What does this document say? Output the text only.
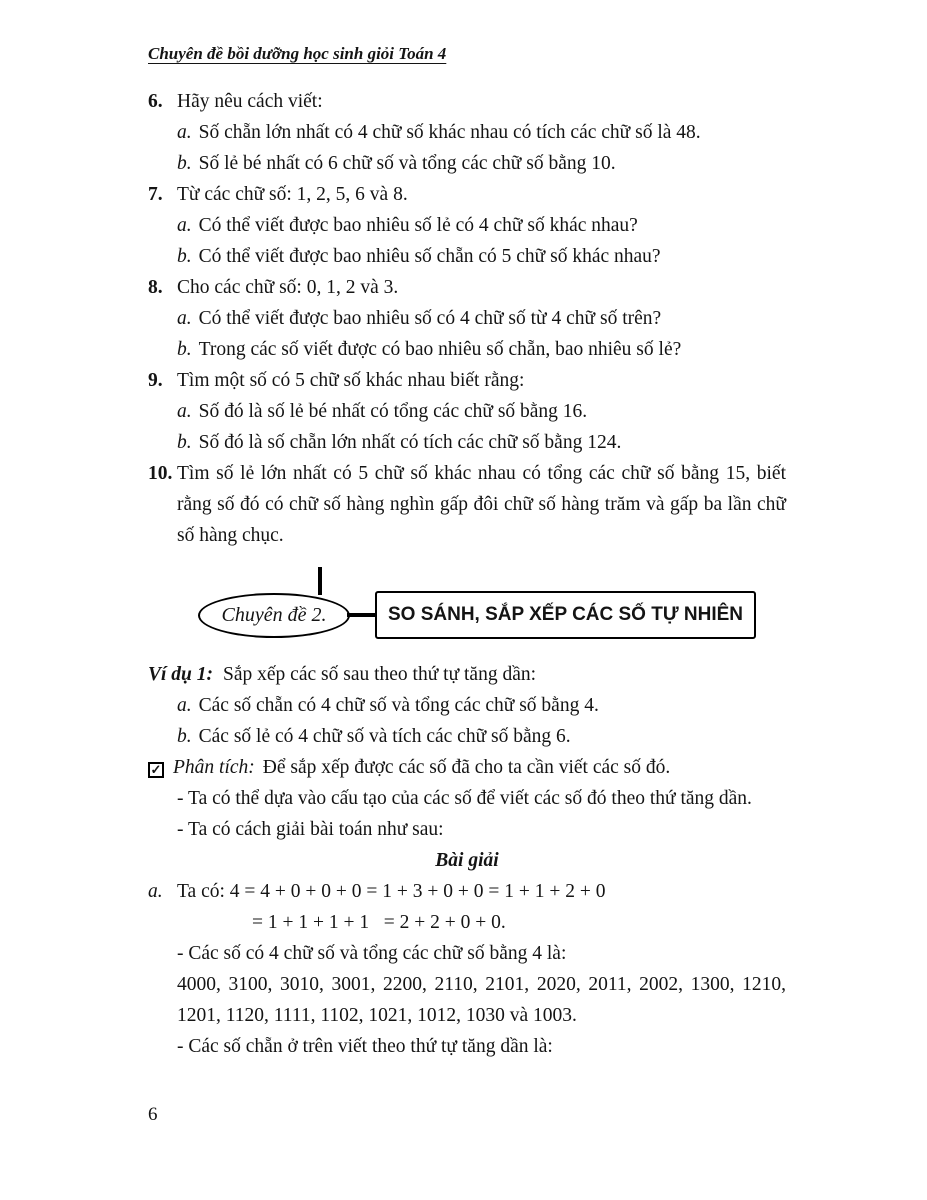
Chuyên đề bồi dưỡng học sinh giỏi Toán 4
6. Hãy nêu cách viết:
a. Số chẵn lớn nhất có 4 chữ số khác nhau có tích các chữ số là 48.
b. Số lẻ bé nhất có 6 chữ số và tổng các chữ số bằng 10.
7. Từ các chữ số: 1, 2, 5, 6 và 8.
a. Có thể viết được bao nhiêu số lẻ có 4 chữ số khác nhau?
b. Có thể viết được bao nhiêu số chẵn có 5 chữ số khác nhau?
8. Cho các chữ số: 0, 1, 2 và 3.
a. Có thể viết được bao nhiêu số có 4 chữ số từ 4 chữ số trên?
b. Trong các số viết được có bao nhiêu số chẵn, bao nhiêu số lẻ?
9. Tìm một số có 5 chữ số khác nhau biết rằng:
a. Số đó là số lẻ bé nhất có tổng các chữ số bằng 16.
b. Số đó là số chẵn lớn nhất có tích các chữ số bằng 124.
10. Tìm số lẻ lớn nhất có 5 chữ số khác nhau có tổng các chữ số bằng 15, biết rằng số đó có chữ số hàng nghìn gấp đôi chữ số hàng trăm và gấp ba lần chữ số hàng chục.
Chuyên đề 2.	SO SÁNH, SẮP XẾP CÁC SỐ TỰ NHIÊN
Ví dụ 1: Sắp xếp các số sau theo thứ tự tăng dần:
a. Các số chẵn có 4 chữ số và tổng các chữ số bằng 4.
b. Các số lẻ có 4 chữ số và tích các chữ số bằng 6.
✓ Phân tích: Để sắp xếp được các số đã cho ta cần viết các số đó.
- Ta có thể dựa vào cấu tạo của các số để viết các số đó theo thứ tăng dần.
- Ta có cách giải bài toán như sau:
Bài giải
a. Ta có: 4 = 4 + 0 + 0 + 0 = 1 + 3 + 0 + 0 = 1 + 1 + 2 + 0
= 1 + 1 + 1 + 1   = 2 + 2 + 0 + 0.
- Các số có 4 chữ số và tổng các chữ số bằng 4 là:
4000, 3100, 3010, 3001, 2200, 2110, 2101, 2020, 2011, 2002, 1300, 1210, 1201, 1120, 1111, 1102, 1021, 1012, 1030 và 1003.
- Các số chẵn ở trên viết theo thứ tự tăng dần là:
6
